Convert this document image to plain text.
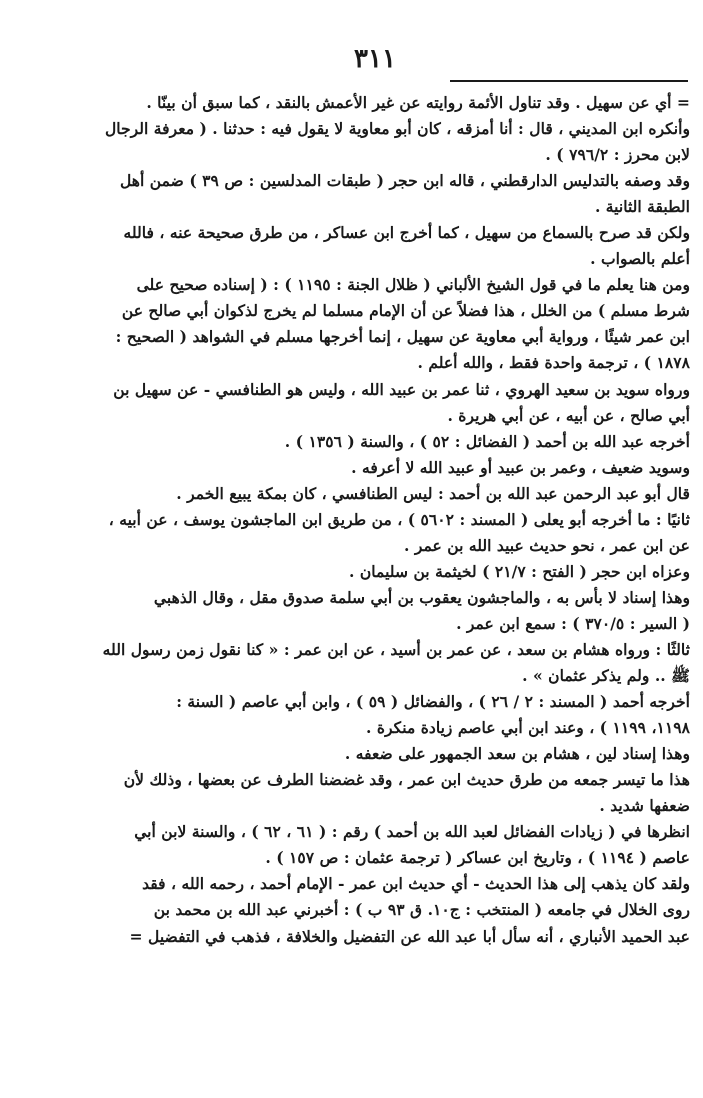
٣١١
= أي عن سهيل . وقد تناول الأئمة روايته عن غير الأعمش بالنقد ، كما سبق أن بينّا .
وأنكره ابن المديني ، قال : أنا أمزقه ، كان أبو معاوية لا يقول فيه : حدثنا . ( معرفة الرجال
لابن محرز : ٧٩٦/٢ ) .
وقد وصفه بالتدليس الدارقطني ، قاله ابن حجر ( طبقات المدلسين : ص ٣٩ ) ضمن أهل
الطبقة الثانية .
ولكن قد صرح بالسماع من سهيل ، كما أخرج ابن عساكر ، من طرق صحيحة عنه ، فالله
أعلم بالصواب .
ومن هنا يعلم ما في قول الشيخ الألباني ( ظلال الجنة : ١١٩٥ ) : ( إسناده صحيح على
شرط مسلم ) من الخلل ، هذا فضلاً عن أن الإمام مسلما لم يخرج لذكوان أبي صالح عن
ابن عمر شيئًا ، ورواية أبي معاوية عن سهيل ، إنما أخرجها مسلم في الشواهد ( الصحيح :
١٨٧٨ ) ، ترجمة واحدة فقط ، والله أعلم .
ورواه سويد بن سعيد الهروي ، ثنا عمر بن عبيد الله ، وليس هو الطنافسي - عن سهيل بن
أبي صالح ، عن أبيه ، عن أبي هريرة .
أخرجه عبد الله بن أحمد ( الفضائل : ٥٢ ) ، والسنة ( ١٣٥٦ ) .
وسويد ضعيف ، وعمر بن عبيد أو عبيد الله لا أعرفه .
قال أبو عبد الرحمن عبد الله بن أحمد : ليس الطنافسي ، كان بمكة يبيع الخمر .
ثانيًا : ما أخرجه أبو يعلى ( المسند : ٥٦٠٢ ) ، من طريق ابن الماجشون يوسف ، عن أبيه ،
عن ابن عمر ، نحو حديث عبيد الله بن عمر .
وعزاه ابن حجر ( الفتح : ٢١/٧ ) لخيثمة بن سليمان .
وهذا إسناد لا بأس به ، والماجشون يعقوب بن أبي سلمة صدوق مقل ، وقال الذهبي
( السير : ٣٧٠/٥ ) : سمع ابن عمر .
ثالثًا : ورواه هشام بن سعد ، عن عمر بن أسيد ، عن ابن عمر : « كنا نقول زمن رسول الله
ﷺ .. ولم يذكر عثمان » .
أخرجه أحمد ( المسند : ٢ / ٢٦ ) ، والفضائل ( ٥٩ ) ، وابن أبي عاصم ( السنة :
١١٩٨، ١١٩٩ ) ، وعند ابن أبي عاصم زيادة منكرة .
وهذا إسناد لين ، هشام بن سعد الجمهور على ضعفه .
هذا ما تيسر جمعه من طرق حديث ابن عمر ، وقد غضضنا الطرف عن بعضها ، وذلك لأن
ضعفها شديد .
انظرها في ( زيادات الفضائل لعبد الله بن أحمد ) رقم : ( ٦١ ، ٦٢ ) ، والسنة لابن أبي
عاصم ( ١١٩٤ ) ، وتاريخ ابن عساكر ( ترجمة عثمان : ص ١٥٧ ) .
ولقد كان يذهب إلى هذا الحديث - أي حديث ابن عمر - الإمام أحمد ، رحمه الله ، فقد
روى الخلال في جامعه ( المنتخب : ج١٠. ق ٩٣ ب ) : أخبرني عبد الله بن محمد بن
عبد الحميد الأنباري ، أنه سأل أبا عبد الله عن التفضيل والخلافة ، فذهب في التفضيل =
